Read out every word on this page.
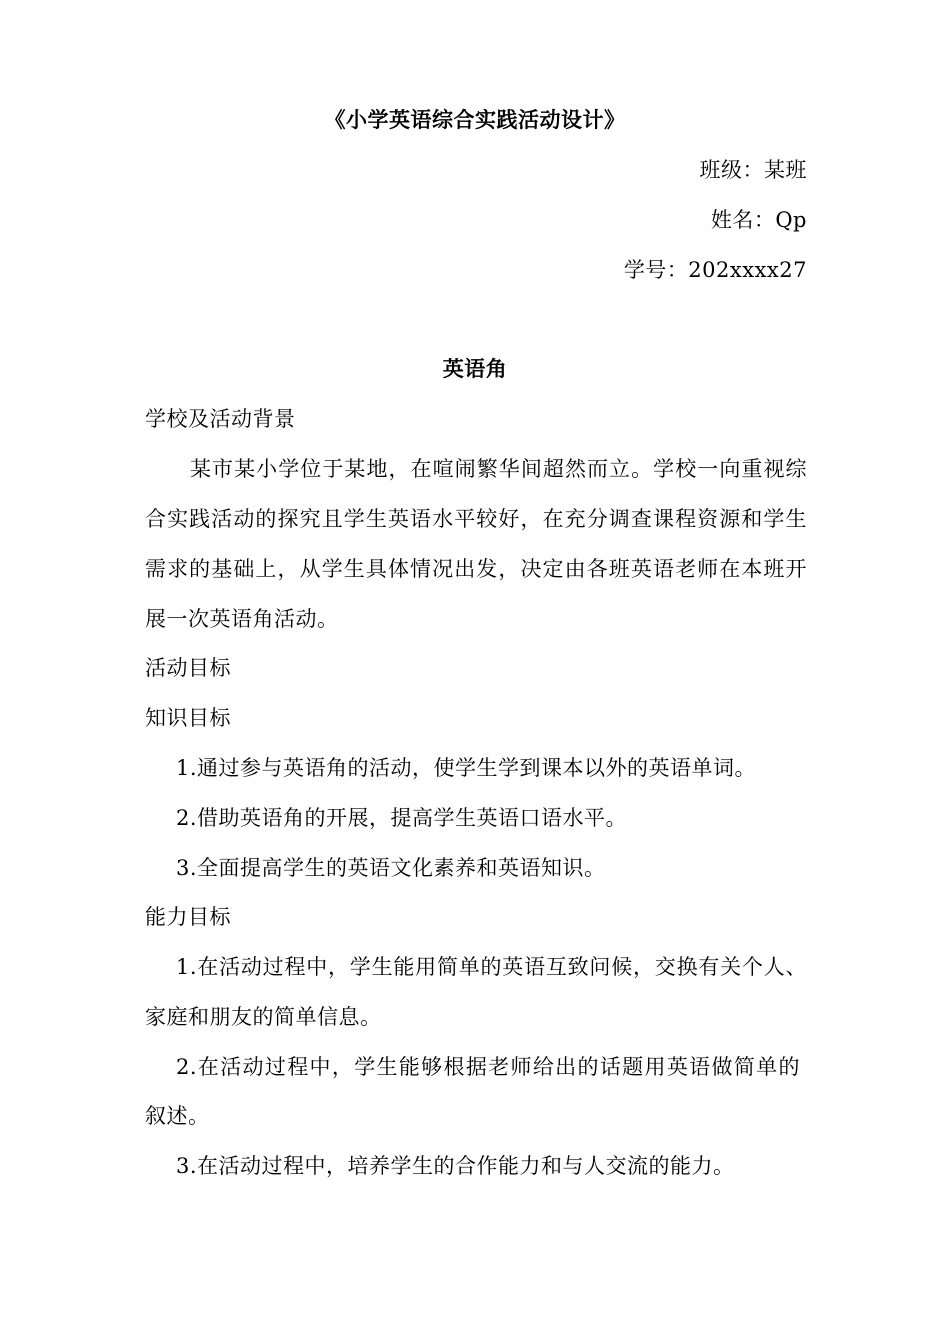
《小学英语综合实践活动设计》
班级：某班
姓名：Qp
学号：202xxxx27
英语角
学校及活动背景
某市某小学位于某地，在喧闹繁华间超然而立。学校一向重视综
合实践活动的探究且学生英语水平较好，在充分调查课程资源和学生
需求的基础上，从学生具体情况出发，决定由各班英语老师在本班开
展一次英语角活动。
活动目标
知识目标
1.通过参与英语角的活动，使学生学到课本以外的英语单词。
2.借助英语角的开展，提高学生英语口语水平。
3.全面提高学生的英语文化素养和英语知识。
能力目标
1.在活动过程中，学生能用简单的英语互致问候，交换有关个人、
家庭和朋友的简单信息。
2.在活动过程中，学生能够根据老师给出的话题用英语做简单的
叙述。
3.在活动过程中，培养学生的合作能力和与人交流的能力。
